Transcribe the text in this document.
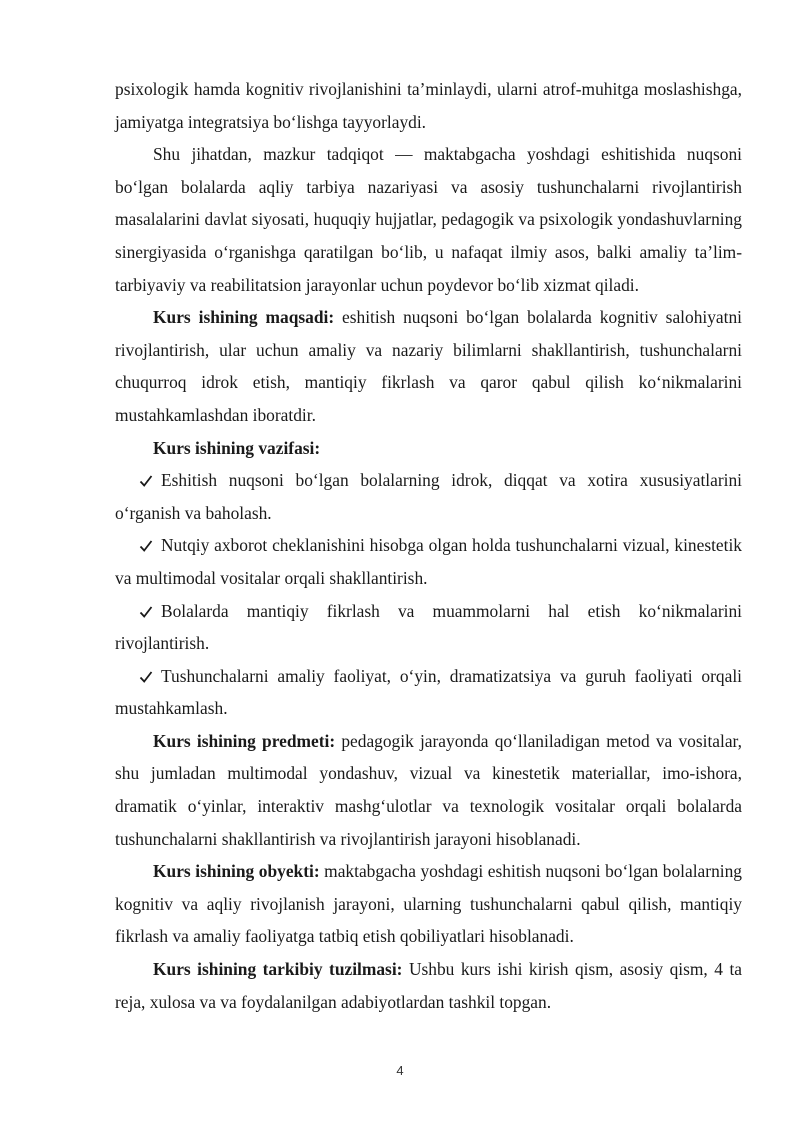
psixologik hamda kognitiv rivojlanishini ta’minlaydi, ularni atrof-muhitga moslashishga, jamiyatga integratsiya bo‘lishga tayyorlaydi.

Shu jihatdan, mazkur tadqiqot — maktabgacha yoshdagi eshitishida nuqsoni bo‘lgan bolalarda aqliy tarbiya nazariyasi va asosiy tushunchalarni rivojlantirish masalalarini davlat siyosati, huquqiy hujjatlar, pedagogik va psixologik yondashuvlarning sinergiyasida o‘rganishga qaratilgan bo‘lib, u nafaqat ilmiy asos, balki amaliy ta’lim-tarbiyaviy va reabilitatsion jarayonlar uchun poydevor bo‘lib xizmat qiladi.

Kurs ishining maqsadi: eshitish nuqsoni bo‘lgan bolalarda kognitiv salohiyatni rivojlantirish, ular uchun amaliy va nazariy bilimlarni shakllantirish, tushunchalarni chuqurroq idrok etish, mantiqiy fikrlash va qaror qabul qilish ko‘nikmalarini mustahkamlashdan iboratdir.

Kurs ishining vazifasi:

Eshitish nuqsoni bo‘lgan bolalarning idrok, diqqat va xotira xususiyatlarini o‘rganish va baholash.

Nutqiy axborot cheklanishini hisobga olgan holda tushunchalarni vizual, kinestetik va multimodal vositalar orqali shakllantirish.

Bolalarda mantiqiy fikrlash va muammolarni hal etish ko‘nikmalarini rivojlantirish.

Tushunchalarni amaliy faoliyat, o‘yin, dramatizatsiya va guruh faoliyati orqali mustahkamlash.

Kurs ishining predmeti: pedagogik jarayonda qo‘llaniladigan metod va vositalar, shu jumladan multimodal yondashuv, vizual va kinestetik materiallar, imo-ishora, dramatik o‘yinlar, interaktiv mashg‘ulotlar va texnologik vositalar orqali bolalarda tushunchalarni shakllantirish va rivojlantirish jarayoni hisoblanadi.

Kurs ishining obyekti: maktabgacha yoshdagi eshitish nuqsoni bo‘lgan bolalarning kognitiv va aqliy rivojlanish jarayoni, ularning tushunchalarni qabul qilish, mantiqiy fikrlash va amaliy faoliyatga tatbiq etish qobiliyatlari hisoblanadi.

Kurs ishining tarkibiy tuzilmasi: Ushbu kurs ishi kirish qism, asosiy qism, 4 ta reja, xulosa va va foydalanilgan adabiyotlardan tashkil topgan.

4
